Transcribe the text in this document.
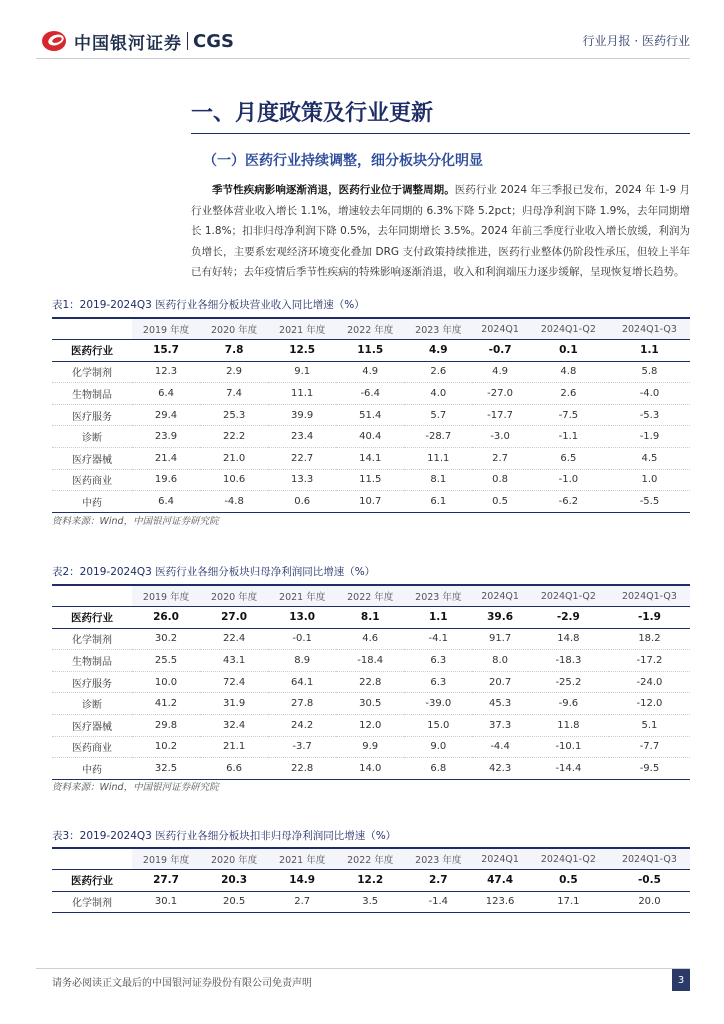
中国银河证券 CGS	行业月报 · 医药行业
一、月度政策及行业更新
（一）医药行业持续调整，细分板块分化明显
季节性疾病影响逐渐消退，医药行业位于调整周期。医药行业 2024 年三季报已发布，2024 年 1-9 月行业整体营业收入增长 1.1%，增速较去年同期的 6.3%下降 5.2pct；归母净利润下降 1.9%，去年同期增长 1.8%；扣非归母净利润下降 0.5%，去年同期增长 3.5%。2024 年前三季度行业收入增长放缓，利润为负增长，主要系宏观经济环境变化叠加 DRG 支付政策持续推进，医药行业整体仍阶段性承压，但较上半年已有好转；去年疫情后季节性疾病的特殊影响逐渐消退，收入和利润端压力逐步缓解，呈现恢复增长趋势。
表1：2019-2024Q3 医药行业各细分板块营业收入同比增速（%）
	2019 年度	2020 年度	2021 年度	2022 年度	2023 年度	2024Q1	2024Q1-Q2	2024Q1-Q3
医药行业	15.7	7.8	12.5	11.5	4.9	-0.7	0.1	1.1
化学制剂	12.3	2.9	9.1	4.9	2.6	4.9	4.8	5.8
生物制品	6.4	7.4	11.1	-6.4	4.0	-27.0	2.6	-4.0
医疗服务	29.4	25.3	39.9	51.4	5.7	-17.7	-7.5	-5.3
诊断	23.9	22.2	23.4	40.4	-28.7	-3.0	-1.1	-1.9
医疗器械	21.4	21.0	22.7	14.1	11.1	2.7	6.5	4.5
医药商业	19.6	10.6	13.3	11.5	8.1	0.8	-1.0	1.0
中药	6.4	-4.8	0.6	10.7	6.1	0.5	-6.2	-5.5
资料来源：Wind，中国银河证券研究院
表2：2019-2024Q3 医药行业各细分板块归母净利润同比增速（%）
	2019 年度	2020 年度	2021 年度	2022 年度	2023 年度	2024Q1	2024Q1-Q2	2024Q1-Q3
医药行业	26.0	27.0	13.0	8.1	1.1	39.6	-2.9	-1.9
化学制剂	30.2	22.4	-0.1	4.6	-4.1	91.7	14.8	18.2
生物制品	25.5	43.1	8.9	-18.4	6.3	8.0	-18.3	-17.2
医疗服务	10.0	72.4	64.1	22.8	6.3	20.7	-25.2	-24.0
诊断	41.2	31.9	27.8	30.5	-39.0	45.3	-9.6	-12.0
医疗器械	29.8	32.4	24.2	12.0	15.0	37.3	11.8	5.1
医药商业	10.2	21.1	-3.7	9.9	9.0	-4.4	-10.1	-7.7
中药	32.5	6.6	22.8	14.0	6.8	42.3	-14.4	-9.5
资料来源：Wind，中国银河证券研究院
表3：2019-2024Q3 医药行业各细分板块扣非归母净利润同比增速（%）
	2019 年度	2020 年度	2021 年度	2022 年度	2023 年度	2024Q1	2024Q1-Q2	2024Q1-Q3
医药行业	27.7	20.3	14.9	12.2	2.7	47.4	0.5	-0.5
化学制剂	30.1	20.5	2.7	3.5	-1.4	123.6	17.1	20.0
请务必阅读正文最后的中国银河证券股份有限公司免责声明	3
